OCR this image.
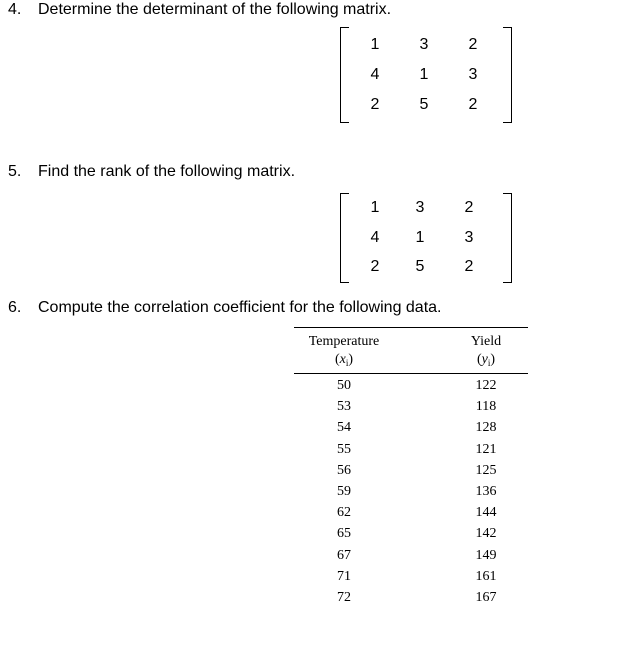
4. Determine the determinant of the following matrix.
1	3	2
4	1	3
2	5	2
5. Find the rank of the following matrix.
1	3	2
4	1	3
2	5	2
6. Compute the correlation coefficient for the following data.
Temperature	Yield
$(x_i)$	$(y_i)$
50	122
53	118
54	128
55	121
56	125
59	136
62	144
65	142
67	149
71	161
72	167
